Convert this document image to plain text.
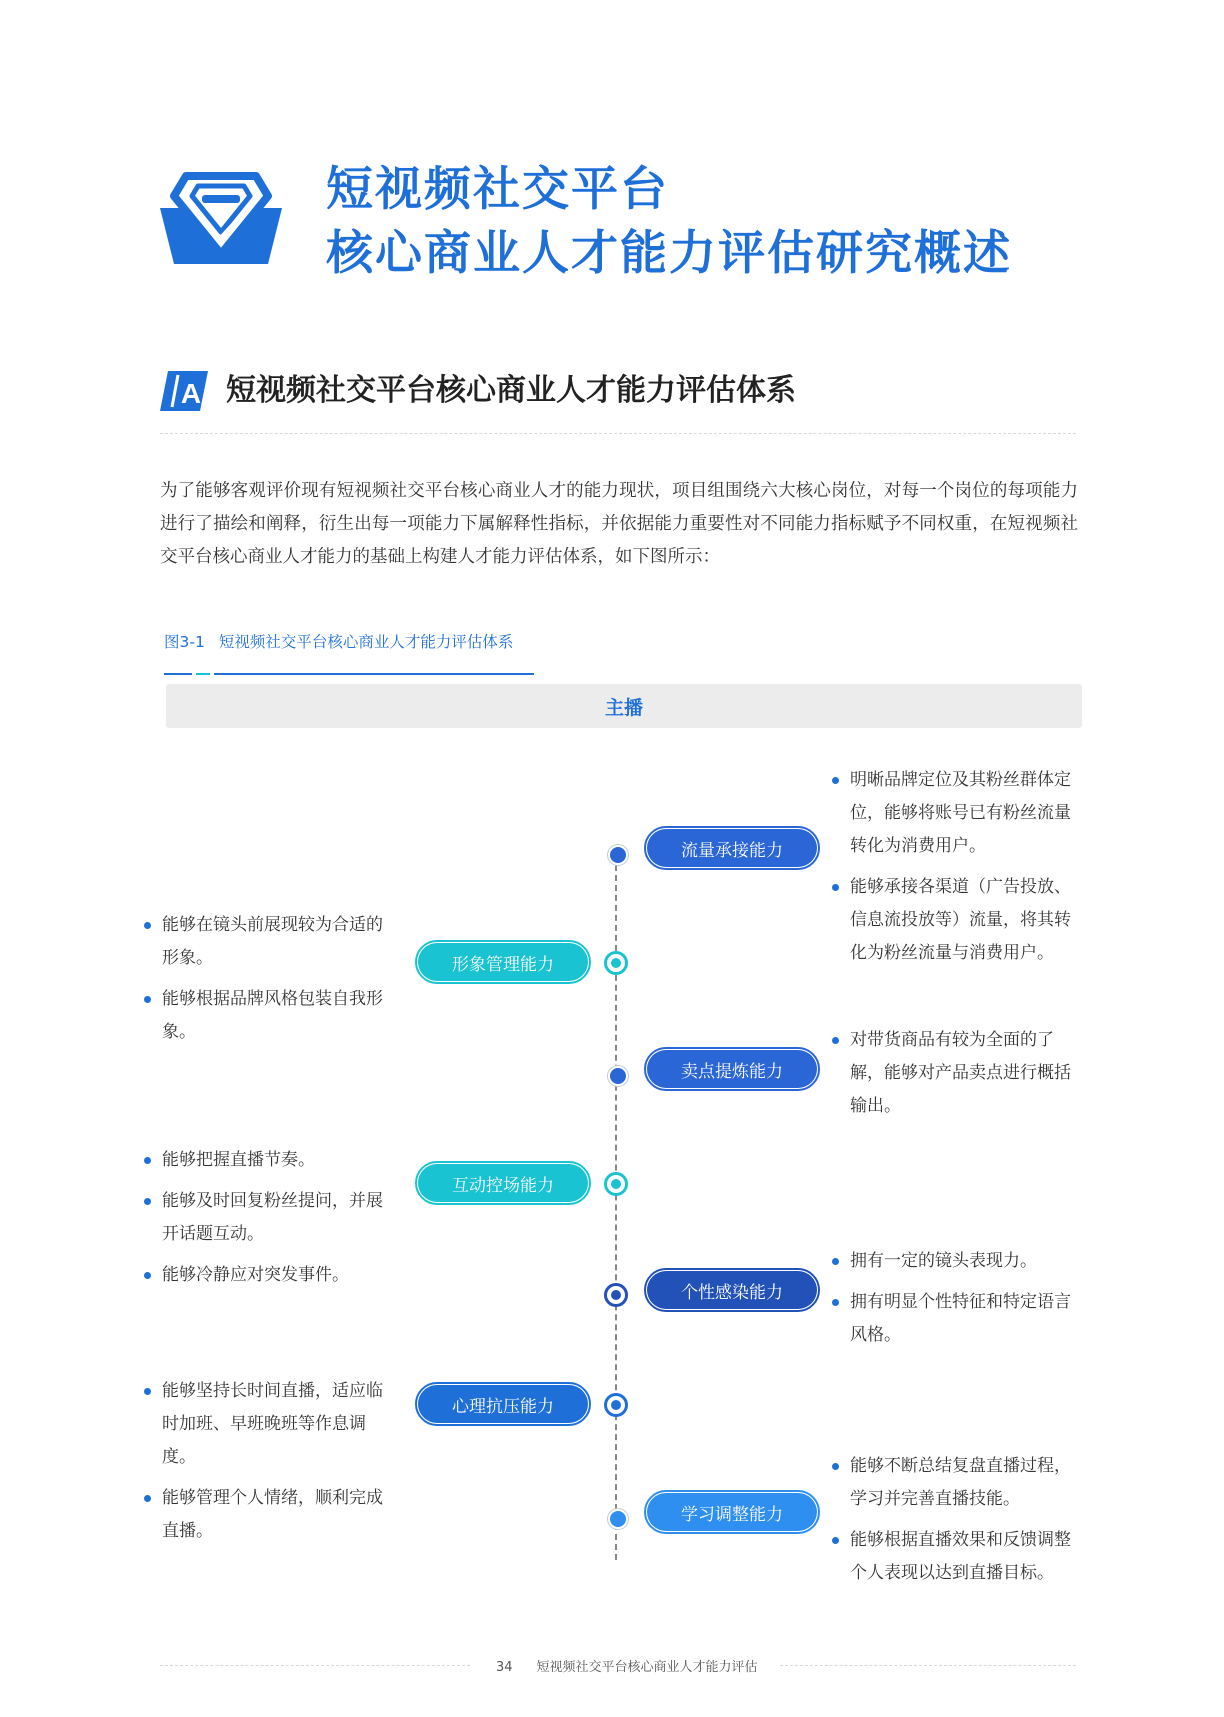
短视频社交平台
核心商业人才能力评估研究概述
A 短视频社交平台核心商业人才能力评估体系
为了能够客观评价现有短视频社交平台核心商业人才的能力现状，项目组围绕六大核心岗位，对每一个岗位的每项能力进行了描绘和阐释，衍生出每一项能力下属解释性指标，并依据能力重要性对不同能力指标赋予不同权重，在短视频社交平台核心商业人才能力的基础上构建人才能力评估体系，如下图所示：
图3-1 短视频社交平台核心商业人才能力评估体系
主播
流量承接能力
明晰品牌定位及其粉丝群体定位，能够将账号已有粉丝流量转化为消费用户。
能够承接各渠道（广告投放、信息流投放等）流量，将其转化为粉丝流量与消费用户。
形象管理能力
能够在镜头前展现较为合适的形象。
能够根据品牌风格包装自我形象。
卖点提炼能力
对带货商品有较为全面的了解，能够对产品卖点进行概括输出。
互动控场能力
能够把握直播节奏。
能够及时回复粉丝提问，并展开话题互动。
能够冷静应对突发事件。
个性感染能力
拥有一定的镜头表现力。
拥有明显个性特征和特定语言风格。
心理抗压能力
能够坚持长时间直播，适应临时加班、早班晚班等作息调度。
能够管理个人情绪，顺利完成直播。
学习调整能力
能够不断总结复盘直播过程，学习并完善直播技能。
能够根据直播效果和反馈调整个人表现以达到直播目标。
34 短视频社交平台核心商业人才能力评估
